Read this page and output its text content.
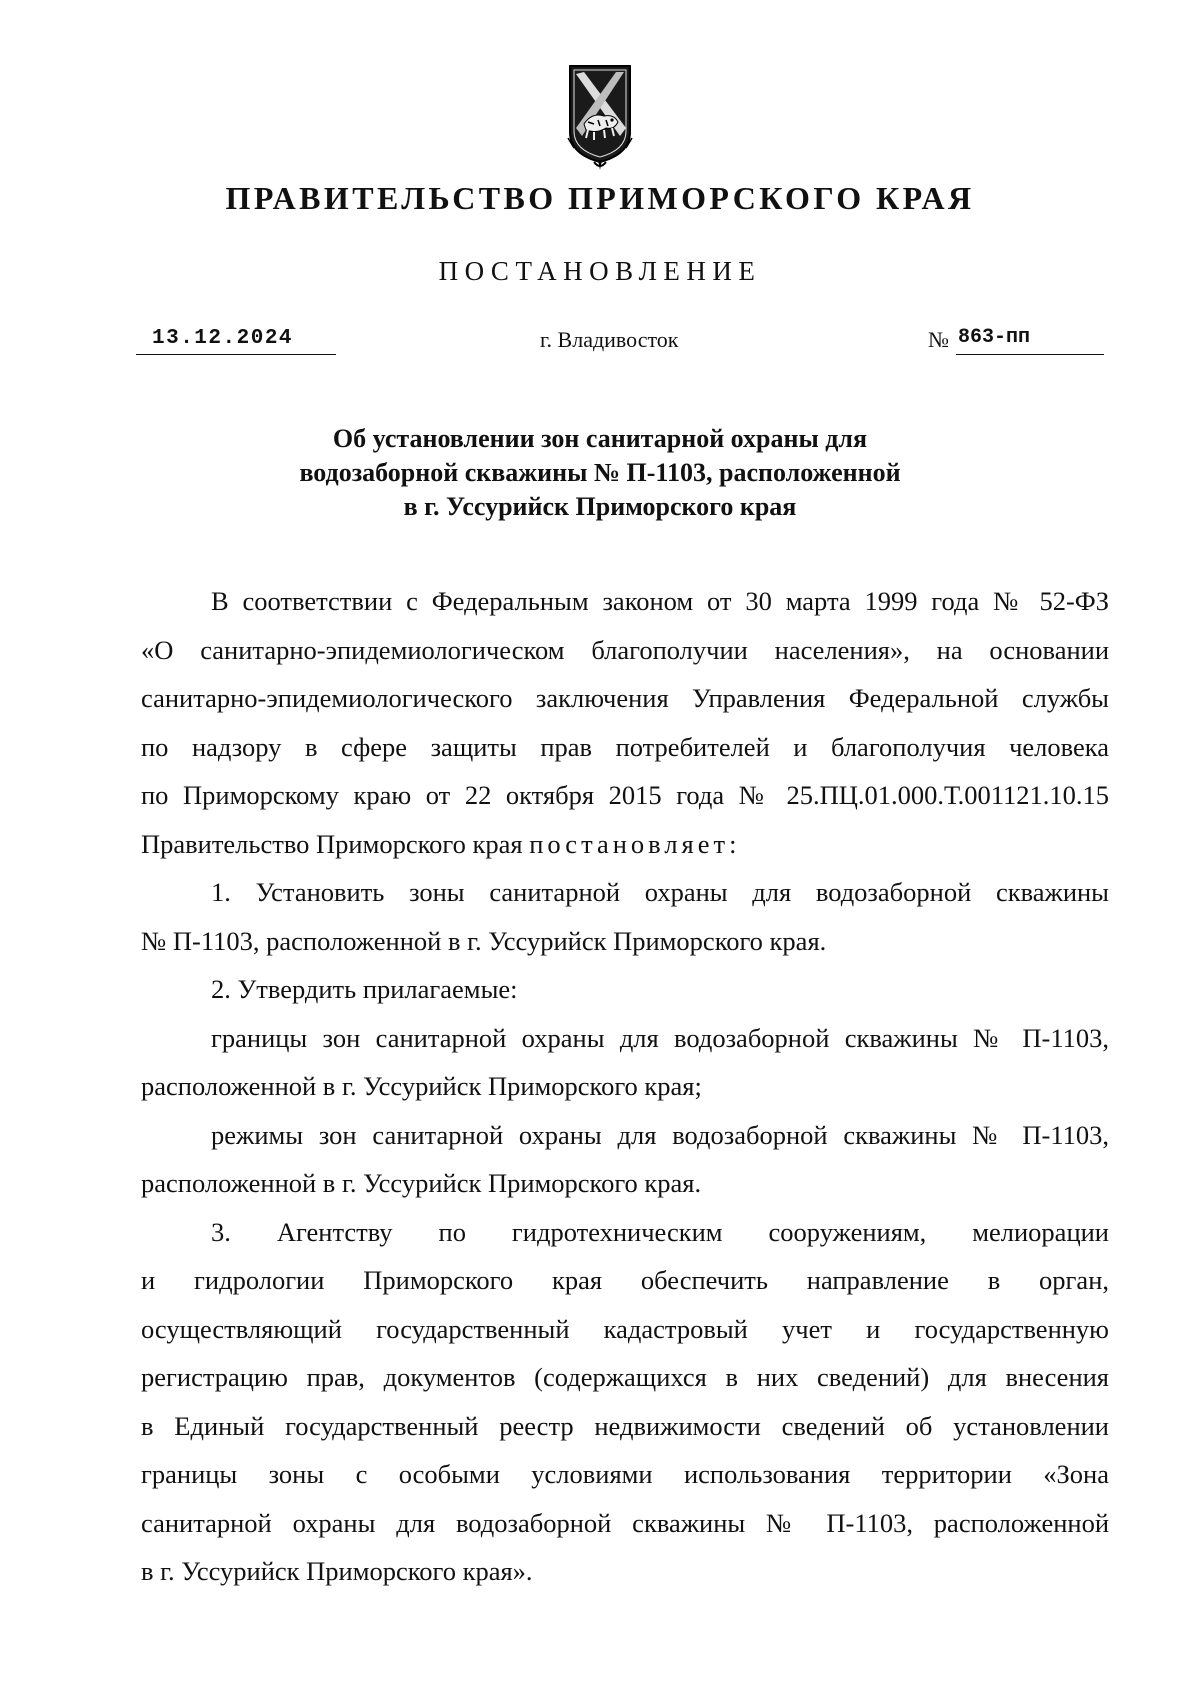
ПРАВИТЕЛЬСТВО ПРИМОРСКОГО КРАЯ
ПОСТАНОВЛЕНИЕ
13.12.2024	г. Владивосток	№ 863-пп
Об установлении зон санитарной охраны для
водозаборной скважины № П-1103, расположенной
в г. Уссурийск Приморского края

В соответствии с Федеральным законом от 30 марта 1999 года № 52-ФЗ

«О санитарно-эпидемиологическом благополучии населения», на основании

санитарно-эпидемиологического заключения Управления Федеральной службы

по надзору в сфере защиты прав потребителей и благополучия человека

по Приморскому краю от 22 октября 2015 года № 25.ПЦ.01.000.Т.001121.10.15

Правительство Приморского края постановляет:

1. Установить зоны санитарной охраны для водозаборной скважины

№ П-1103, расположенной в г. Уссурийск Приморского края.

2. Утвердить прилагаемые:

границы зон санитарной охраны для водозаборной скважины № П-1103,

расположенной в г. Уссурийск Приморского края;

режимы зон санитарной охраны для водозаборной скважины № П-1103,

расположенной в г. Уссурийск Приморского края.

3. Агентству по гидротехническим сооружениям, мелиорации

и гидрологии Приморского края обеспечить направление в орган,

осуществляющий государственный кадастровый учет и государственную

регистрацию прав, документов (содержащихся в них сведений) для внесения

в Единый государственный реестр недвижимости сведений об установлении

границы зоны с особыми условиями использования территории «Зона

санитарной охраны для водозаборной скважины № П-1103, расположенной

в г. Уссурийск Приморского края».
